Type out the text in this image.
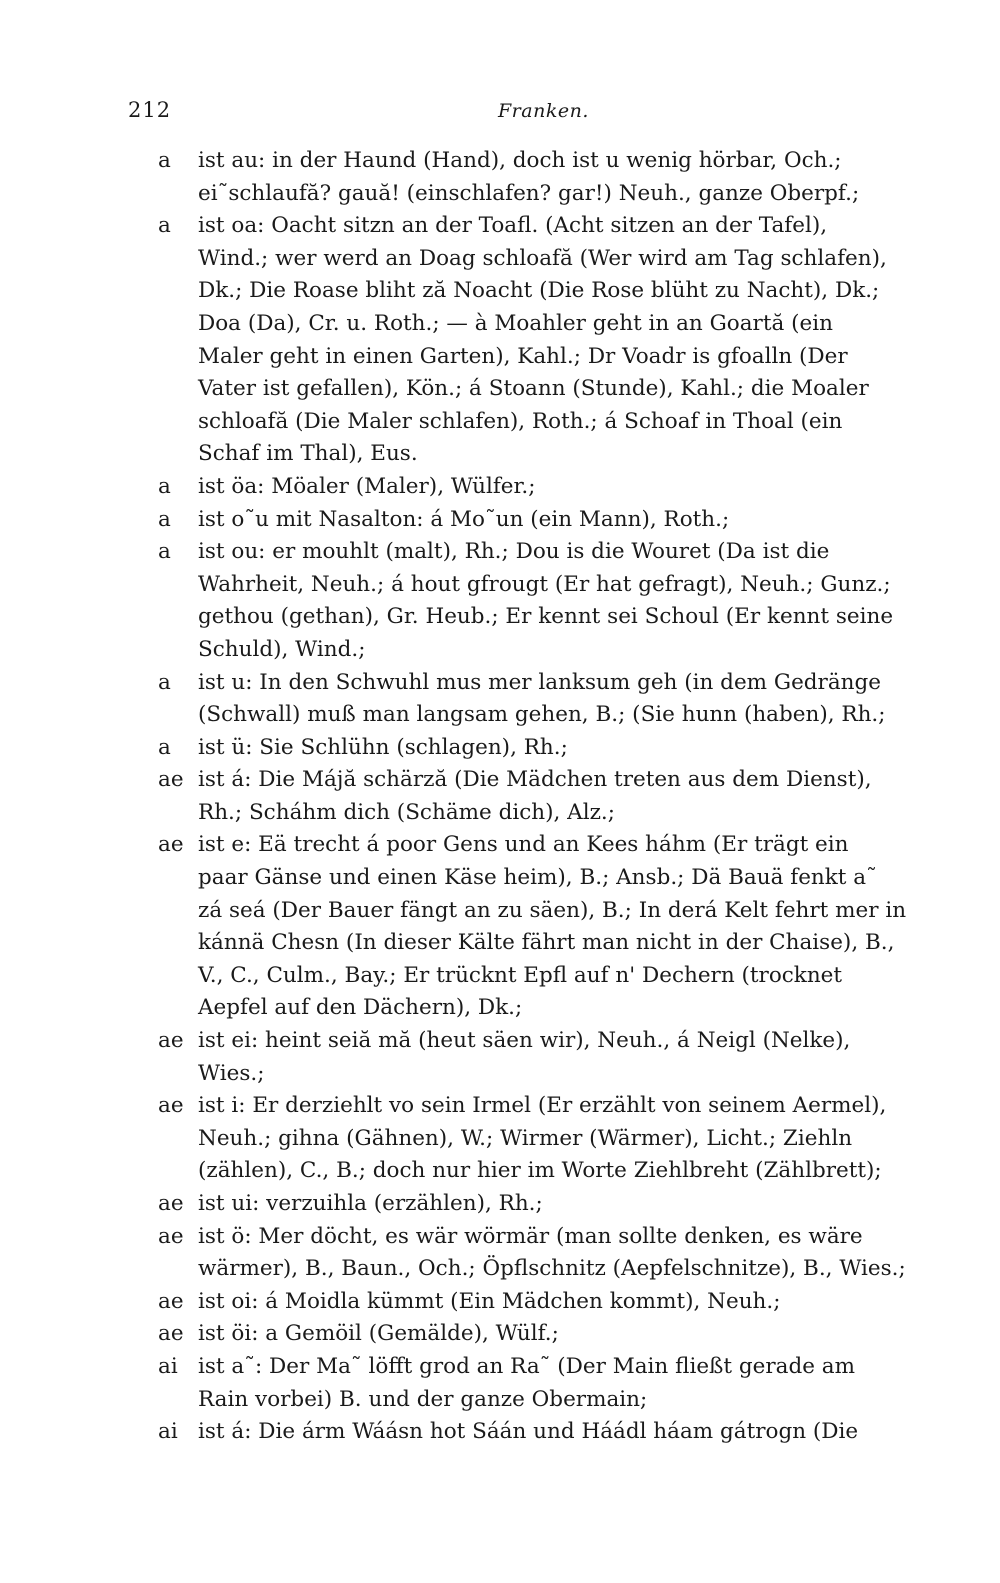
212	Franken.
a	ist au: in der Haund (Hand), doch ist u wenig hörbar, Och.;
ei˜schlaufă? gauă! (einschlafen? gar!) Neuh., ganze Oberpf.;
a	ist oa: Oacht sitzn an der Toafl. (Acht sitzen an der Tafel),
Wind.; wer werd an Doag schloafă (Wer wird am Tag schlafen),
Dk.; Die Roase bliht ză Noacht (Die Rose blüht zu Nacht), Dk.;
Doa (Da), Cr. u. Roth.; — à Moahler geht in an Goartă (ein
Maler geht in einen Garten), Kahl.; Dr Voadr is gfoalln (Der
Vater ist gefallen), Kön.; á Stoann (Stunde), Kahl.; die Moaler
schloafă (Die Maler schlafen), Roth.; á Schoaf in Thoal (ein
Schaf im Thal), Eus.
a	ist öa: Möaler (Maler), Wülfer.;
a	ist o˜u mit Nasalton: á Mo˜un (ein Mann), Roth.;
a	ist ou: er mouhlt (malt), Rh.; Dou is die Wouret (Da ist die
Wahrheit, Neuh.; á hout gfrougt (Er hat gefragt), Neuh.; Gunz.;
gethou (gethan), Gr. Heub.; Er kennt sei Schoul (Er kennt seine
Schuld), Wind.;
a	ist u: In den Schwuhl mus mer lanksum geh (in dem Gedränge
(Schwall) muß man langsam gehen, B.; (Sie hunn (haben), Rh.;
a	ist ü: Sie Schlühn (schlagen), Rh.;
ae ist á: Die Májă schärză (Die Mädchen treten aus dem Dienst),
Rh.; Scháhm dich (Schäme dich), Alz.;
ae ist e: Eä trecht á poor Gens und an Kees háhm (Er trägt ein
paar Gänse und einen Käse heim), B.; Ansb.; Dä Bauä fenkt a˜
zá seá (Der Bauer fängt an zu säen), B.; In derá Kelt fehrt mer in
kánnä Chesn (In dieser Kälte fährt man nicht in der Chaise), B.,
V., C., Culm., Bay.; Er trücknt Epfl auf n' Dechern (trocknet
Aepfel auf den Dächern), Dk.;
ae ist ei: heint seiă mă (heut säen wir), Neuh., á Neigl (Nelke),
Wies.;
ae ist i: Er derziehlt vo sein Irmel (Er erzählt von seinem Aermel),
Neuh.; gihna (Gähnen), W.; Wirmer (Wärmer), Licht.; Ziehln
(zählen), C., B.; doch nur hier im Worte Ziehlbreht (Zählbrett);
ae ist ui: verzuihla (erzählen), Rh.;
ae ist ö: Mer döcht, es wär wörmär (man sollte denken, es wäre
wärmer), B., Baun., Och.; Öpflschnitz (Aepfelschnitze), B., Wies.;
ae ist oi: á Moidla kümmt (Ein Mädchen kommt), Neuh.;
ae ist öi: a Gemöil (Gemälde), Wülf.;
ai ist a˜: Der Ma˜ löfft grod an Ra˜ (Der Main fließt gerade am
Rain vorbei) B. und der ganze Obermain;
ai ist á: Die árm Wáásn hot Sáán und Háádl háam gátrogn (Die
